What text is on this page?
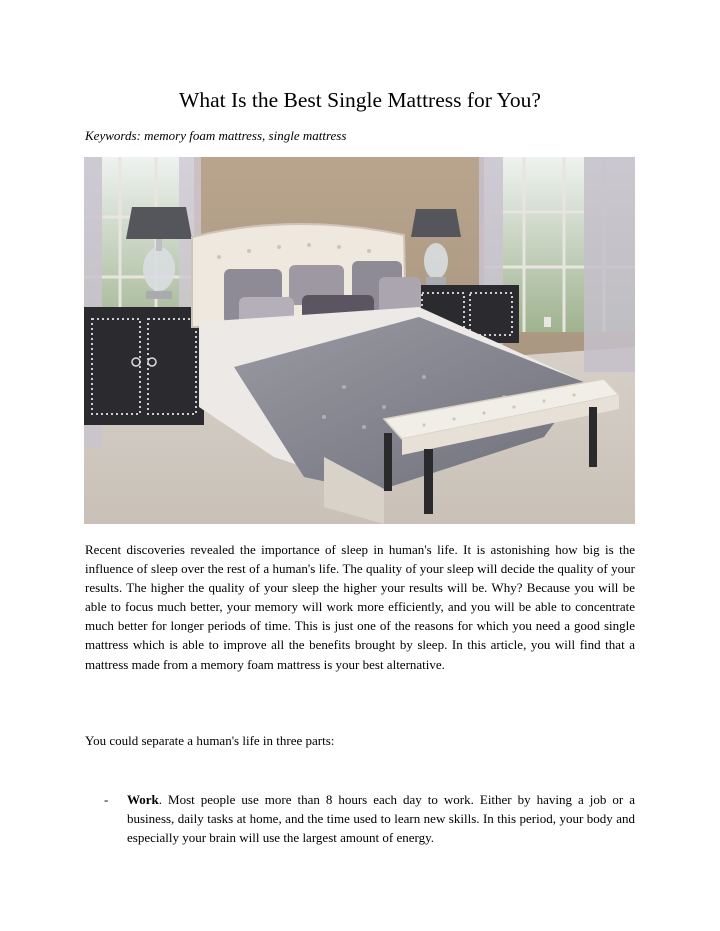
What Is the Best Single Mattress for You?
Keywords: memory foam mattress, single mattress

Recent discoveries revealed the importance of sleep in human's life. It is astonishing how big is the influence of sleep over the rest of a human's life. The quality of your sleep will decide the quality of your results. The higher the quality of your sleep the higher your results will be. Why? Because you will be able to focus much better, your memory will work more efficiently, and you will be able to concentrate much better for longer periods of time. This is just one of the reasons for which you need a good single mattress which is able to improve all the benefits brought by sleep. In this article, you will find that a mattress made from a memory foam mattress is your best alternative.

You could separate a human's life in three parts:

- Work. Most people use more than 8 hours each day to work. Either by having a job or a business, daily tasks at home, and the time used to learn new skills. In this period, your body and especially your brain will use the largest amount of energy.
